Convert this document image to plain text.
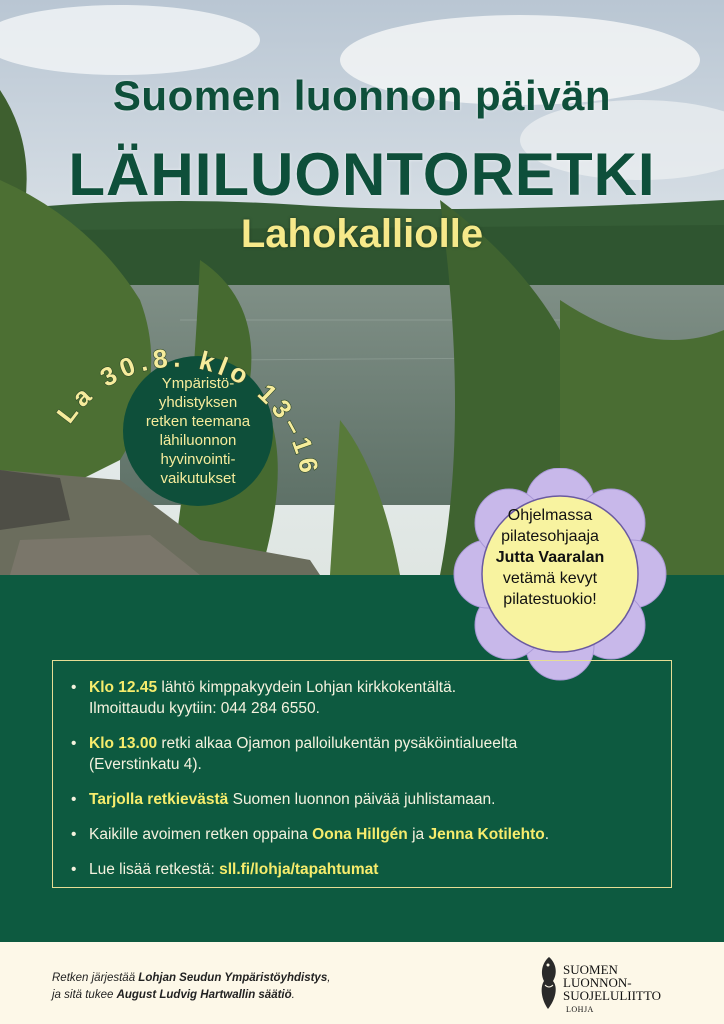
Suomen luonnon päivän
LÄHILUONTORETKI
Lahokalliolle
Ympäristö-yhdistyksen retken teemana lähiluonnon hyvinvointi-vaikutukset
La 30.8. klo 13–16
Ohjelmassa
pilatesohjaaja
Jutta Vaaralan
vetämä kevyt
pilatestuokio!
• Klo 12.45 lähtö kimppakyydein Lohjan kirkkokentältä.
Ilmoittaudu kyytiin: 044 284 6550.
• Klo 13.00 retki alkaa Ojamon palloilukentän pysäköintialueelta
(Everstinkatu 4).
• Tarjolla retkievästä Suomen luonnon päivää juhlistamaan.
• Kaikille avoimen retken oppaina Oona Hillgén ja Jenna Kotilehto.
• Lue lisää retkestä: sll.fi/lohja/tapahtumat
Retken järjestää Lohjan Seudun Ympäristöyhdistys,
ja sitä tukee August Ludvig Hartwallin säätiö.
SUOMEN
LUONNON-
SUOJELULIITTO
LOHJA
